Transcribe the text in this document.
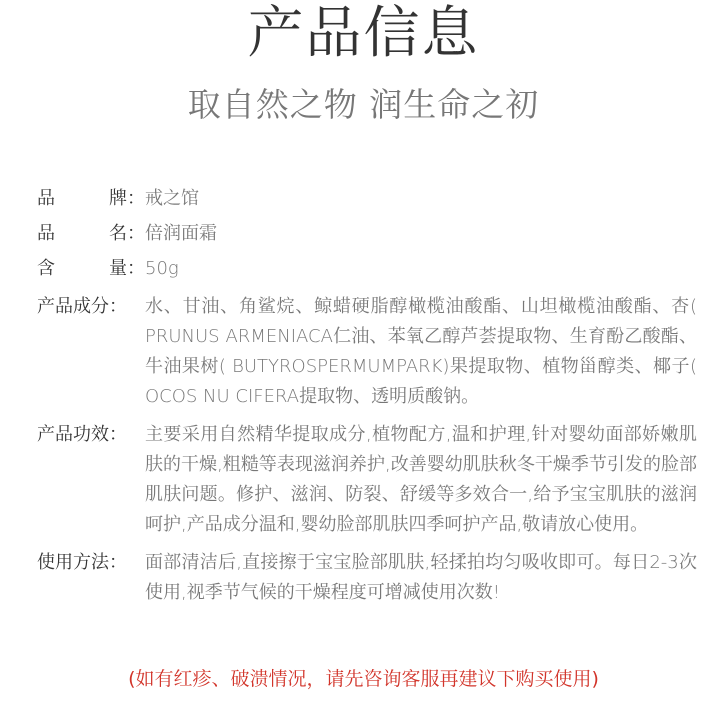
产品信息
取自然之物 润生命之初
品	牌 ： 戒之馆
品	名 ： 倍润面霜
含	量 ： 50g
产品成分：	水、甘油、角鲨烷、鲸蜡硬脂醇橄榄油酸酯、山坦橄榄油酸酯、杏( PRUNUS ARMENIACA仁油、苯氧乙醇芦荟提取物、生育酚乙酸酯、牛油果树( BUTYROSPERMUMPARK)果提取物、植物甾醇类、椰子( OCOS NU CIFERA提取物、透明质酸钠。
产品功效：	主要采用自然精华提取成分,植物配方,温和护理,针对婴幼面部娇嫩肌肤的干燥,粗糙等表现滋润养护,改善婴幼肌肤秋冬干燥季节引发的脸部肌肤问题。修护、滋润、防裂、舒缓等多效合一,给予宝宝肌肤的滋润呵护,产品成分温和,婴幼脸部肌肤四季呵护产品,敬请放心使用。
使用方法：	面部清洁后,直接擦于宝宝脸部肌肤,轻揉拍均匀吸收即可。每日2-3次使用,视季节气候的干燥程度可增减使用次数!
(如有红疹、破溃情况，请先咨询客服再建议下购买使用)
